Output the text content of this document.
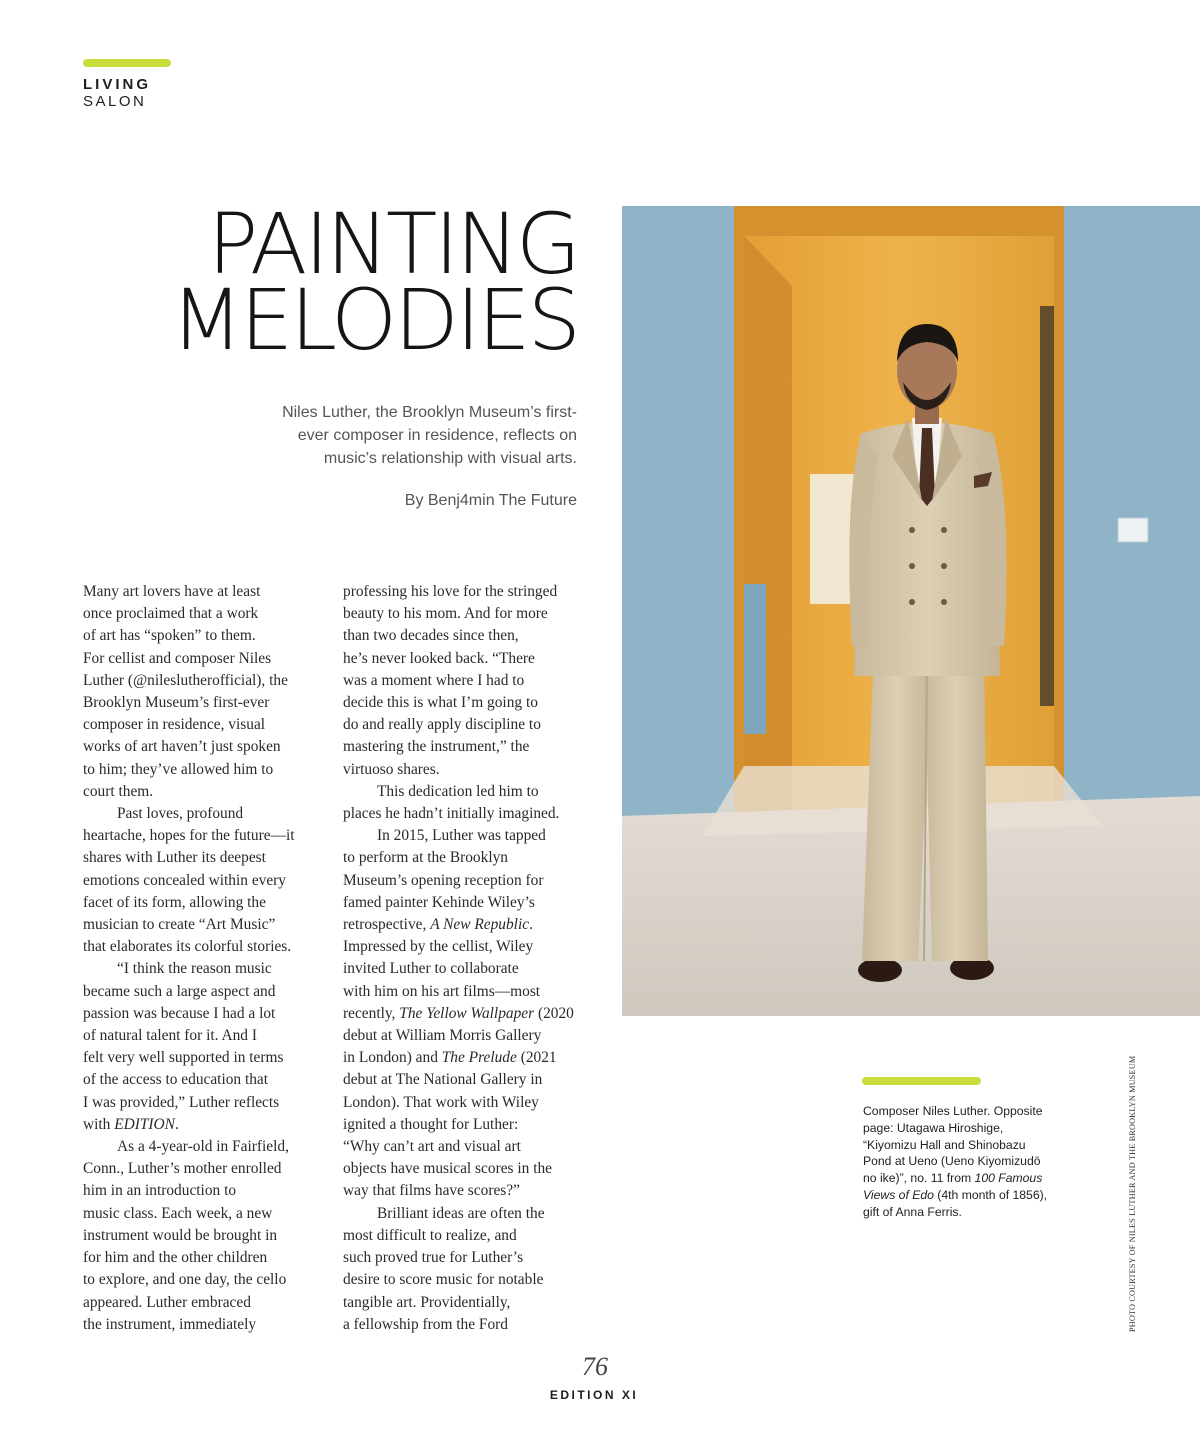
LIVING
SALON
PAINTING
MELODIES

Niles Luther, the Brooklyn Museum’s first-
ever composer in residence, reflects on
music’s relationship with visual arts.

By Benj4min The Future
Many art lovers have at least
once proclaimed that a work
of art has “spoken” to them.
For cellist and composer Niles
Luther (@nileslutherofficial), the
Brooklyn Museum’s first-ever
composer in residence, visual
works of art haven’t just spoken
to him; they’ve allowed him to
court them.
Past loves, profound
heartache, hopes for the future—it
shares with Luther its deepest
emotions concealed within every
facet of its form, allowing the
musician to create “Art Music”
that elaborates its colorful stories.
“I think the reason music
became such a large aspect and
passion was because I had a lot
of natural talent for it. And I
felt very well supported in terms
of the access to education that
I was provided,” Luther reflects
with EDITION.
As a 4-year-old in Fairfield,
Conn., Luther’s mother enrolled
him in an introduction to
music class. Each week, a new
instrument would be brought in
for him and the other children
to explore, and one day, the cello
appeared. Luther embraced
the instrument, immediately
professing his love for the stringed
beauty to his mom. And for more
than two decades since then,
he’s never looked back. “There
was a moment where I had to
decide this is what I’m going to
do and really apply discipline to
mastering the instrument,” the
virtuoso shares.
This dedication led him to
places he hadn’t initially imagined.
In 2015, Luther was tapped
to perform at the Brooklyn
Museum’s opening reception for
famed painter Kehinde Wiley’s
retrospective, A New Republic.
Impressed by the cellist, Wiley
invited Luther to collaborate
with him on his art films—most
recently, The Yellow Wallpaper (2020
debut at William Morris Gallery
in London) and The Prelude (2021
debut at The National Gallery in
London). That work with Wiley
ignited a thought for Luther:
“Why can’t art and visual art
objects have musical scores in the
way that films have scores?”
Brilliant ideas are often the
most difficult to realize, and
such proved true for Luther’s
desire to score music for notable
tangible art. Providentially,
a fellowship from the Ford
Composer Niles Luther. Opposite
page: Utagawa Hiroshige,
“Kiyomizu Hall and Shinobazu
Pond at Ueno (Ueno Kiyomizudō
no ike)”, no. 11 from 100 Famous
Views of Edo (4th month of 1856),
gift of Anna Ferris.	PHOTO COURTESY OF NILES LUTHER AND THE BROOKLYN MUSEUM
76
EDITION XI
